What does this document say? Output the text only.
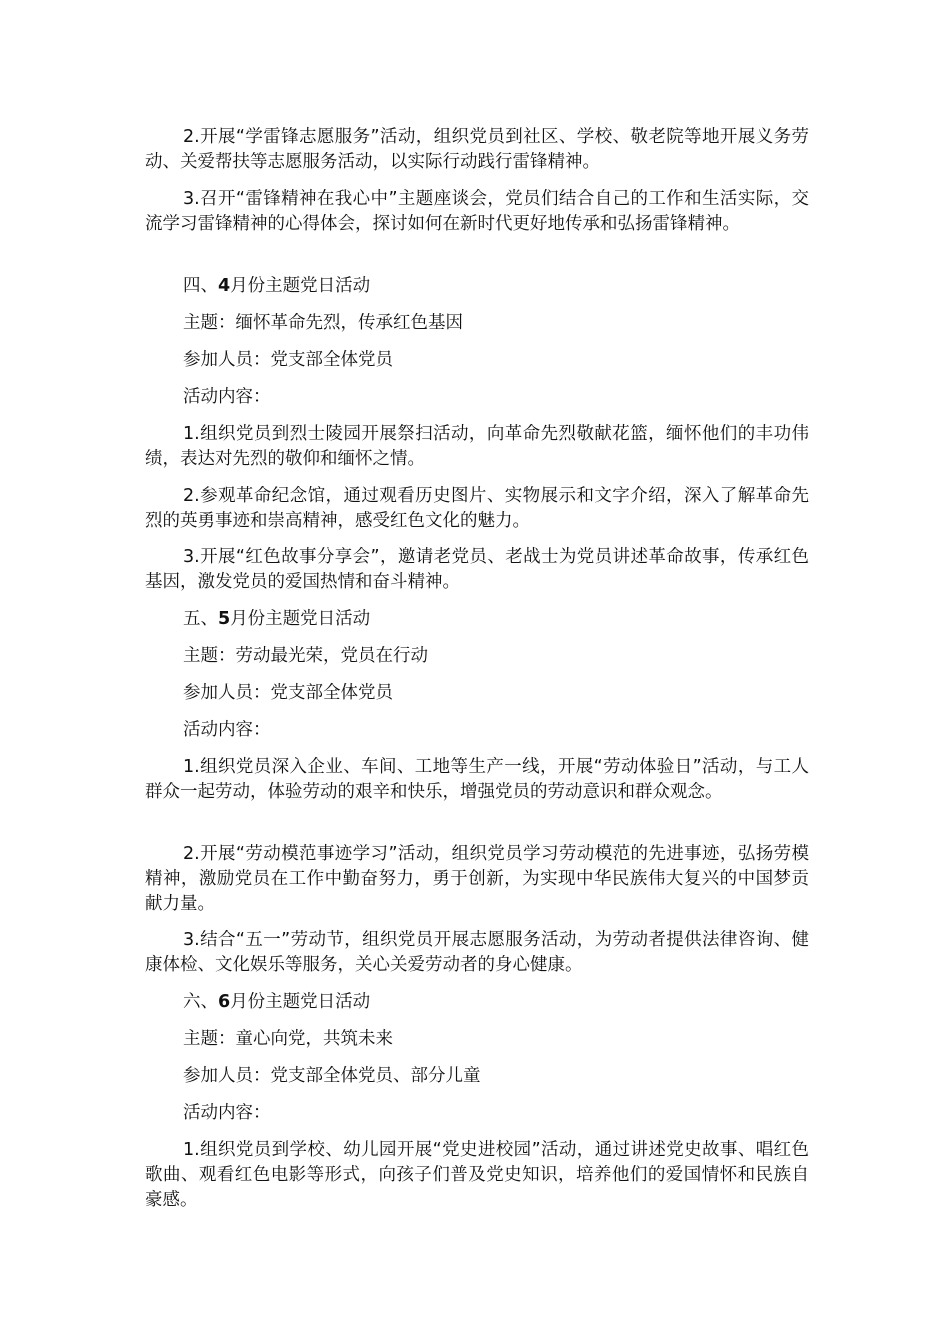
2.开展“学雷锋志愿服务”活动，组织党员到社区、学校、敬老院等地开展义务劳动、关爱帮扶等志愿服务活动，以实际行动践行雷锋精神。

3.召开“雷锋精神在我心中”主题座谈会，党员们结合自己的工作和生活实际，交流学习雷锋精神的心得体会，探讨如何在新时代更好地传承和弘扬雷锋精神。

四、4月份主题党日活动

主题：缅怀革命先烈，传承红色基因

参加人员：党支部全体党员

活动内容：

1.组织党员到烈士陵园开展祭扫活动，向革命先烈敬献花篮，缅怀他们的丰功伟绩，表达对先烈的敬仰和缅怀之情。

2.参观革命纪念馆，通过观看历史图片、实物展示和文字介绍，深入了解革命先烈的英勇事迹和崇高精神，感受红色文化的魅力。

3.开展“红色故事分享会”，邀请老党员、老战士为党员讲述革命故事，传承红色基因，激发党员的爱国热情和奋斗精神。

五、5月份主题党日活动

主题：劳动最光荣，党员在行动

参加人员：党支部全体党员

活动内容：

1.组织党员深入企业、车间、工地等生产一线，开展“劳动体验日”活动，与工人群众一起劳动，体验劳动的艰辛和快乐，增强党员的劳动意识和群众观念。

2.开展“劳动模范事迹学习”活动，组织党员学习劳动模范的先进事迹，弘扬劳模精神，激励党员在工作中勤奋努力，勇于创新，为实现中华民族伟大复兴的中国梦贡献力量。

3.结合“五一”劳动节，组织党员开展志愿服务活动，为劳动者提供法律咨询、健康体检、文化娱乐等服务，关心关爱劳动者的身心健康。

六、6月份主题党日活动

主题：童心向党，共筑未来

参加人员：党支部全体党员、部分儿童

活动内容：

1.组织党员到学校、幼儿园开展“党史进校园”活动，通过讲述党史故事、唱红色歌曲、观看红色电影等形式，向孩子们普及党史知识，培养他们的爱国情怀和民族自豪感。
